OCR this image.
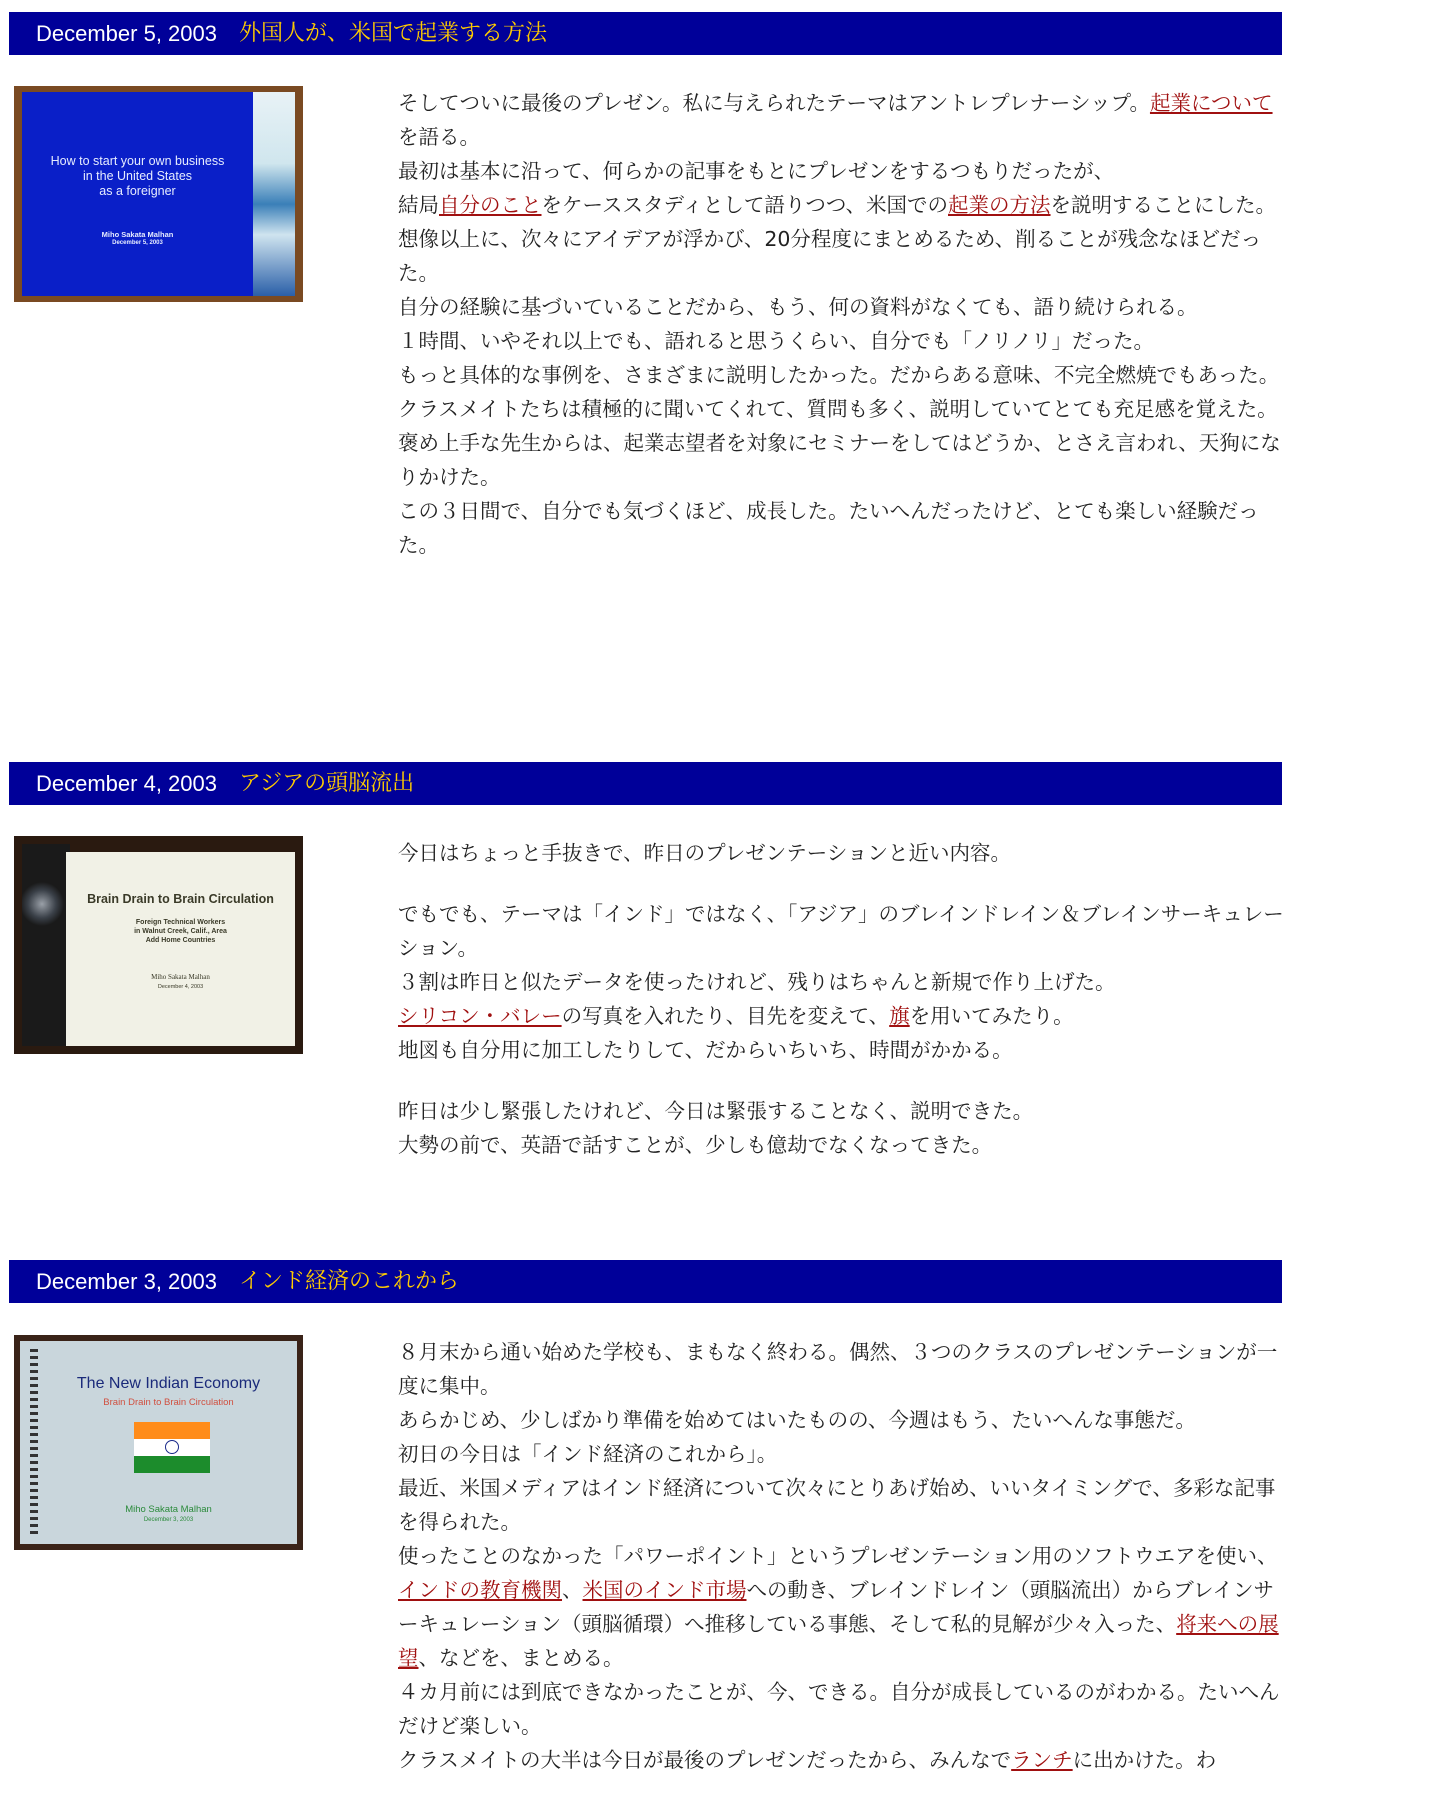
December 5, 2003 外国人が、米国で起業する方法
How to start your own business
in the United States
as a foreigner
Miho Sakata Malhan
December 5, 2003

そしてついに最後のプレゼン。私に与えられたテーマはアントレプレナーシップ。起業についてを語る。

最初は基本に沿って、何らかの記事をもとにプレゼンをするつもりだったが、

結局自分のことをケーススタディとして語りつつ、米国での起業の方法を説明することにした。

想像以上に、次々にアイデアが浮かび、20分程度にまとめるため、削ることが残念なほどだった。

自分の経験に基づいていることだから、もう、何の資料がなくても、語り続けられる。

１時間、いやそれ以上でも、語れると思うくらい、自分でも「ノリノリ」だった。

もっと具体的な事例を、さまざまに説明したかった。だからある意味、不完全燃焼でもあった。

クラスメイトたちは積極的に聞いてくれて、質問も多く、説明していてとても充足感を覚えた。

褒め上手な先生からは、起業志望者を対象にセミナーをしてはどうか、とさえ言われ、天狗になりかけた。

この３日間で、自分でも気づくほど、成長した。たいへんだったけど、とても楽しい経験だった。

December 4, 2003 アジアの頭脳流出
Brain Drain to Brain Circulation
Foreign Technical Workers
in Walnut Creek, Calif., Area
Add Home Countries
Miho Sakata Malhan
December 4, 2003

今日はちょっと手抜きで、昨日のプレゼンテーションと近い内容。

でもでも、テーマは「インド」ではなく、「アジア」のブレインドレイン＆ブレインサーキュレーション。

３割は昨日と似たデータを使ったけれど、残りはちゃんと新規で作り上げた。

シリコン・バレーの写真を入れたり、目先を変えて、旗を用いてみたり。

地図も自分用に加工したりして、だからいちいち、時間がかかる。

昨日は少し緊張したけれど、今日は緊張することなく、説明できた。

大勢の前で、英語で話すことが、少しも億劫でなくなってきた。

December 3, 2003 インド経済のこれから
The New Indian Economy
Brain Drain to Brain Circulation
Miho Sakata Malhan
December 3, 2003

８月末から通い始めた学校も、まもなく終わる。偶然、３つのクラスのプレゼンテーションが一度に集中。

あらかじめ、少しばかり準備を始めてはいたものの、今週はもう、たいへんな事態だ。

初日の今日は「インド経済のこれから」。

最近、米国メディアはインド経済について次々にとりあげ始め、いいタイミングで、多彩な記事を得られた。

使ったことのなかった「パワーポイント」というプレゼンテーション用のソフトウエアを使い、

インドの教育機関、米国のインド市場への動き、ブレインドレイン（頭脳流出）からブレインサーキュレーション（頭脳循環）へ推移している事態、そして私的見解が少々入った、将来への展望、などを、まとめる。

４カ月前には到底できなかったことが、今、できる。自分が成長しているのがわかる。たいへんだけど楽しい。

クラスメイトの大半は今日が最後のプレゼンだったから、みんなでランチに出かけた。わ
